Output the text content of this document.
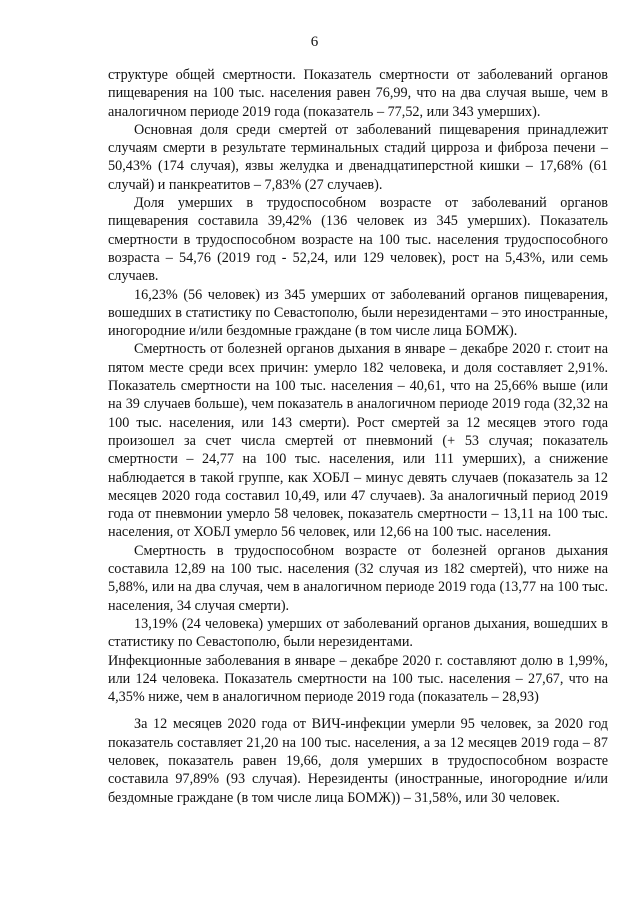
6

структуре общей смертности. Показатель смертности от заболеваний органов пищеварения на 100 тыс. населения равен 76,99, что на два случая выше, чем в аналогичном периоде 2019 года (показатель – 77,52, или 343 умерших).

Основная доля среди смертей от заболеваний пищеварения принадлежит случаям смерти в результате терминальных стадий цирроза и фиброза печени – 50,43% (174 случая), язвы желудка и двенадцатиперстной кишки – 17,68% (61 случай) и панкреатитов – 7,83% (27 случаев).

Доля умерших в трудоспособном возрасте от заболеваний органов пищеварения составила 39,42% (136 человек из 345 умерших). Показатель смертности в трудоспособном возрасте на 100 тыс. населения трудоспособного возраста – 54,76 (2019 год - 52,24, или 129 человек), рост на 5,43%, или семь случаев.

16,23% (56 человек) из 345 умерших от заболеваний органов пищеварения, вошедших в статистику по Севастополю, были нерезидентами – это иностранные, иногородние и/или бездомные граждане (в том числе лица БОМЖ).

Смертность от болезней органов дыхания в январе – декабре 2020 г. стоит на пятом месте среди всех причин: умерло 182 человека, и доля составляет 2,91%. Показатель смертности на 100 тыс. населения – 40,61, что на 25,66% выше (или на 39 случаев больше), чем показатель в аналогичном периоде 2019 года (32,32 на 100 тыс. населения, или 143 смерти). Рост смертей за 12 месяцев этого года произошел за счет числа смертей от пневмоний (+ 53 случая; показатель смертности – 24,77 на 100 тыс. населения, или 111 умерших), а снижение наблюдается в такой группе, как ХОБЛ – минус девять случаев (показатель за 12 месяцев 2020 года составил 10,49, или 47 случаев). За аналогичный период 2019 года от пневмонии умерло 58 человек, показатель смертности – 13,11 на 100 тыс. населения, от ХОБЛ умерло 56 человек, или 12,66 на 100 тыс. населения.

Смертность в трудоспособном возрасте от болезней органов дыхания составила 12,89 на 100 тыс. населения (32 случая из 182 смертей), что ниже на 5,88%, или на два случая, чем в аналогичном периоде 2019 года (13,77 на 100 тыс. населения, 34 случая смерти).

13,19% (24 человека) умерших от заболеваний органов дыхания, вошедших в статистику по Севастополю, были нерезидентами.

Инфекционные заболевания в январе – декабре 2020 г. составляют долю в 1,99%, или 124 человека. Показатель смертности на 100 тыс. населения – 27,67, что на 4,35% ниже, чем в аналогичном периоде 2019 года (показатель – 28,93)

За 12 месяцев 2020 года от ВИЧ-инфекции умерли 95 человек, за 2020 год показатель составляет 21,20 на 100 тыс. населения, а за 12 месяцев 2019 года – 87 человек, показатель равен 19,66, доля умерших в трудоспособном возрасте составила 97,89% (93 случая). Нерезиденты (иностранные, иногородние и/или бездомные граждане (в том числе лица БОМЖ)) – 31,58%, или 30 человек.
